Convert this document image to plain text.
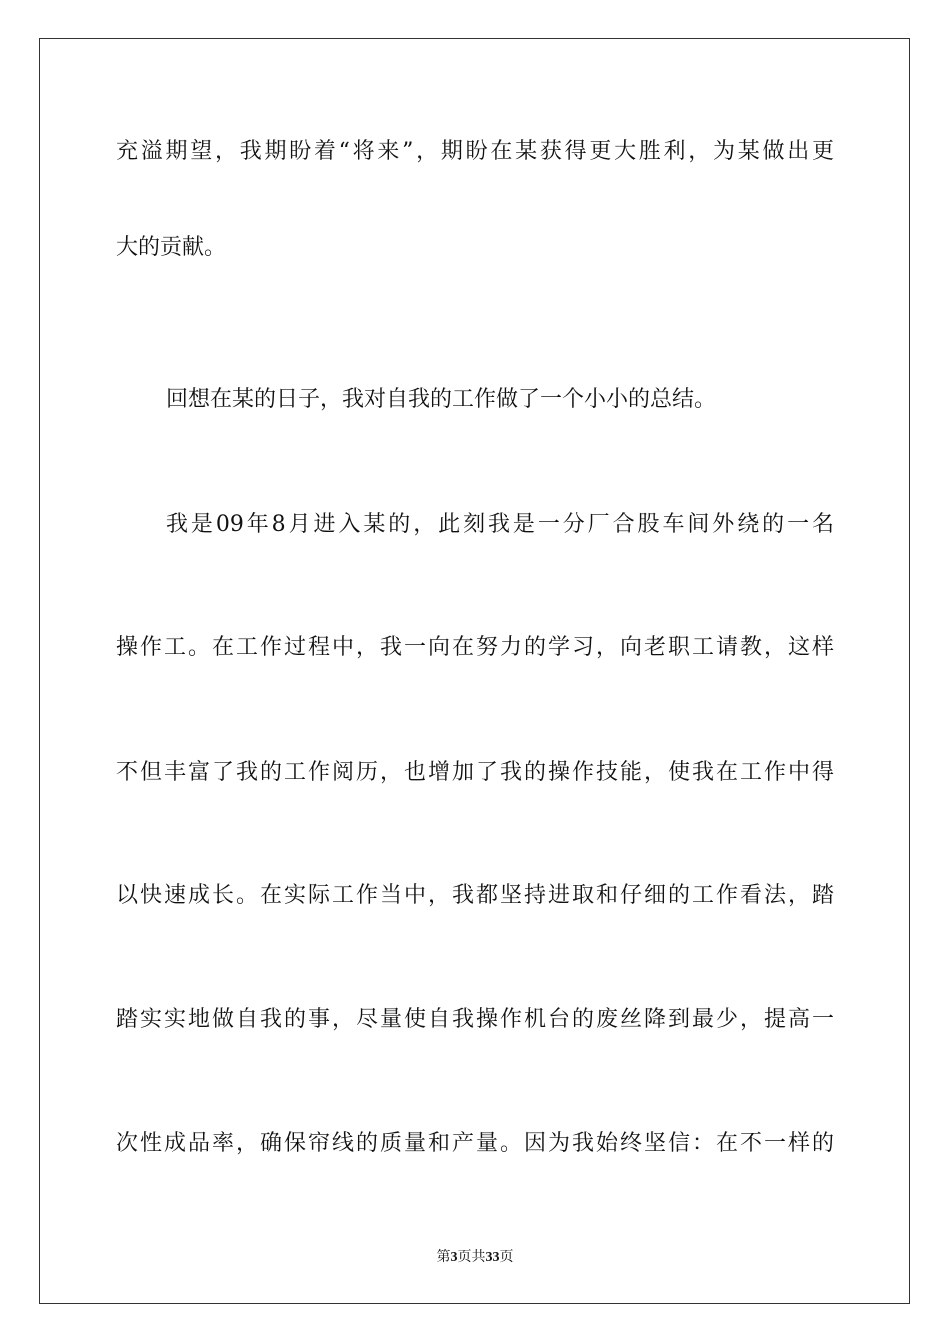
充溢期望，我期盼着“将来”，期盼在某获得更大胜利，为某做出更
大的贡献。
回想在某的日子，我对自我的工作做了一个小小的总结。
我是09年8月进入某的，此刻我是一分厂合股车间外绕的一名
操作工。在工作过程中，我一向在努力的学习，向老职工请教，这样
不但丰富了我的工作阅历，也增加了我的操作技能，使我在工作中得
以快速成长。在实际工作当中，我都坚持进取和仔细的工作看法，踏
踏实实地做自我的事，尽量使自我操作机台的废丝降到最少，提高一
次性成品率，确保帘线的质量和产量。因为我始终坚信：在不一样的
第3页共33页
